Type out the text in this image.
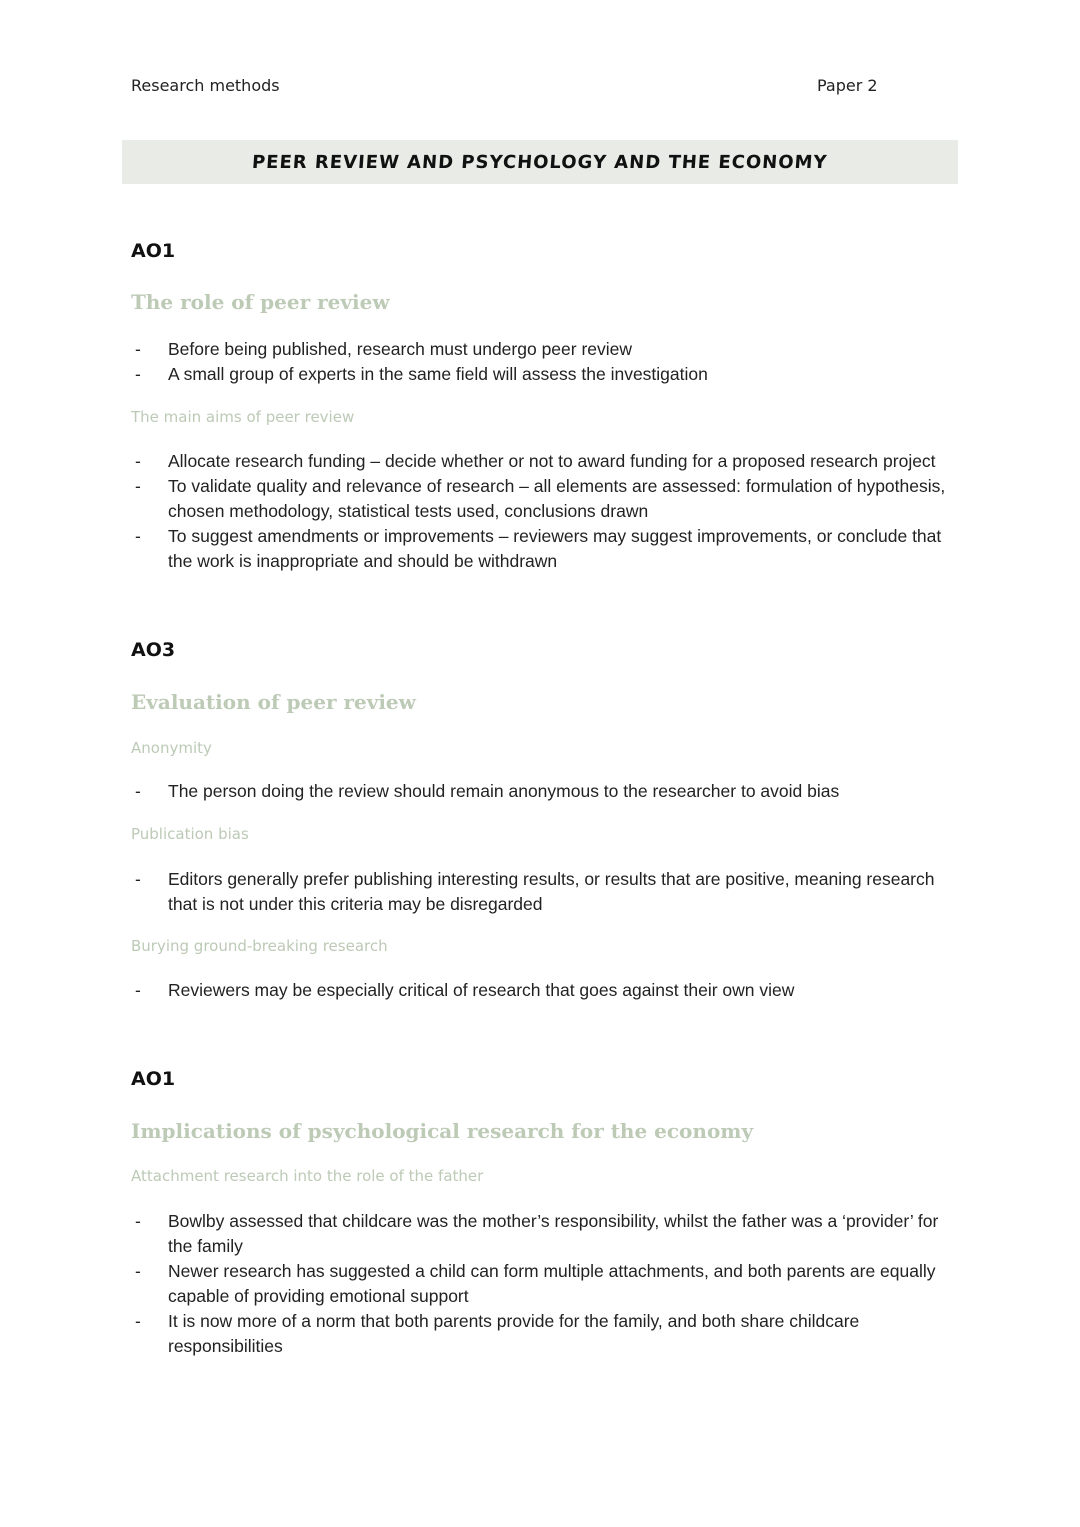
Research methods	Paper 2
PEER REVIEW AND PSYCHOLOGY AND THE ECONOMY
AO1
The role of peer review
- Before being published, research must undergo peer review
- A small group of experts in the same field will assess the investigation
The main aims of peer review
- Allocate research funding – decide whether or not to award funding for a proposed research project
- To validate quality and relevance of research – all elements are assessed: formulation of hypothesis, chosen methodology, statistical tests used, conclusions drawn
- To suggest amendments or improvements – reviewers may suggest improvements, or conclude that the work is inappropriate and should be withdrawn
AO3
Evaluation of peer review
Anonymity
- The person doing the review should remain anonymous to the researcher to avoid bias
Publication bias
- Editors generally prefer publishing interesting results, or results that are positive, meaning research that is not under this criteria may be disregarded
Burying ground-breaking research
- Reviewers may be especially critical of research that goes against their own view
AO1
Implications of psychological research for the economy
Attachment research into the role of the father
- Bowlby assessed that childcare was the mother’s responsibility, whilst the father was a ‘provider’ for the family
- Newer research has suggested a child can form multiple attachments, and both parents are equally capable of providing emotional support
- It is now more of a norm that both parents provide for the family, and both share childcare responsibilities
